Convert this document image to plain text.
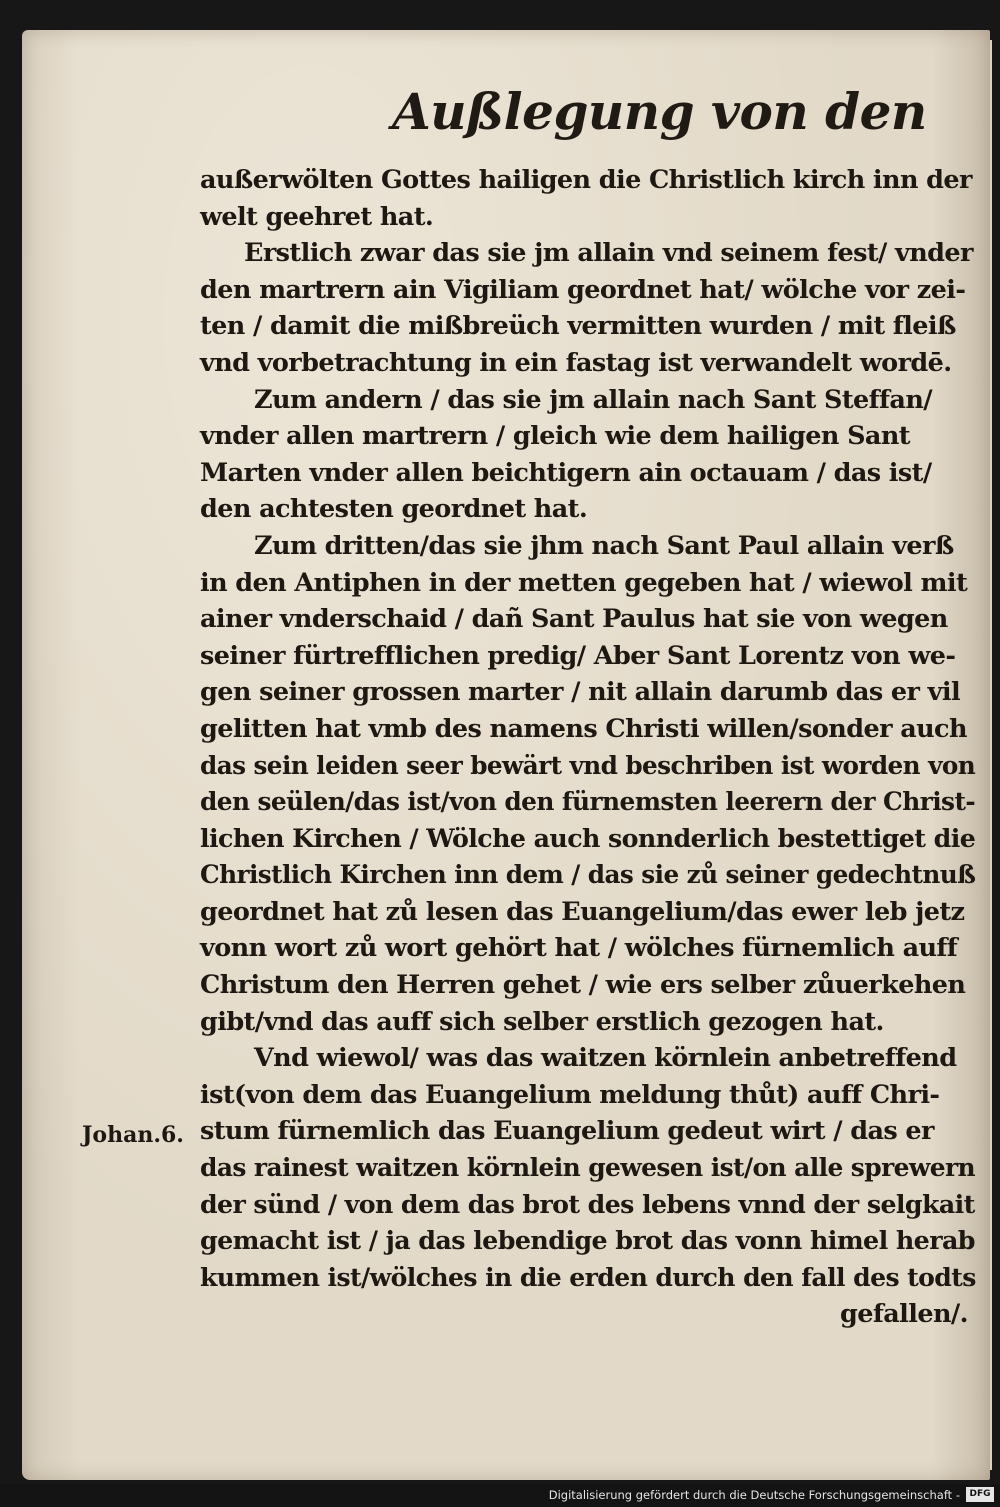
Außlegung von den
Johan.6.
außerwölten Gottes hailigen die Christlich kirch inn der
welt geehret hat.
Erstlich zwar das sie jm allain vnd seinem fest/ vnder
den martrern ain Vigiliam geordnet hat/ wölche vor zei-
ten / damit die mißbreüch vermitten wurden / mit fleiß
vnd vorbetrachtung in ein fastag ist verwandelt wordē.
Zum andern / das sie jm allain nach Sant Steffan/
vnder allen martrern / gleich wie dem hailigen Sant
Marten vnder allen beichtigern ain octauam / das ist/
den achtesten geordnet hat.
Zum dritten/das sie jhm nach Sant Paul allain verß
in den Antiphen in der metten gegeben hat / wiewol mit
ainer vnderschaid / dañ Sant Paulus hat sie von wegen
seiner fürtrefflichen predig/ Aber Sant Lorentz von we-
gen seiner grossen marter / nit allain darumb das er vil
gelitten hat vmb des namens Christi willen/sonder auch
das sein leiden seer bewärt vnd beschriben ist worden von
den seülen/das ist/von den fürnemsten leerern der Christ-
lichen Kirchen / Wölche auch sonnderlich bestettiget die
Christlich Kirchen inn dem / das sie zů seiner gedechtnuß
geordnet hat zů lesen das Euangelium/das ewer leb jetz
vonn wort zů wort gehört hat / wölches fürnemlich auff
Christum den Herren gehet / wie ers selber zůuerkehen
gibt/vnd das auff sich selber erstlich gezogen hat.
Vnd wiewol/ was das waitzen körnlein anbetreffend
ist(von dem das Euangelium meldung thůt) auff Chri-
stum fürnemlich das Euangelium gedeut wirt / das er
das rainest waitzen körnlein gewesen ist/on alle sprewern
der sünd / von dem das brot des lebens vnnd der selgkait
gemacht ist / ja das lebendige brot das vonn himel herab
kummen ist/wölches in die erden durch den fall des todts
gefallen/.
Digitalisierung gefördert durch die Deutsche Forschungsgemeinschaft -	DFG
